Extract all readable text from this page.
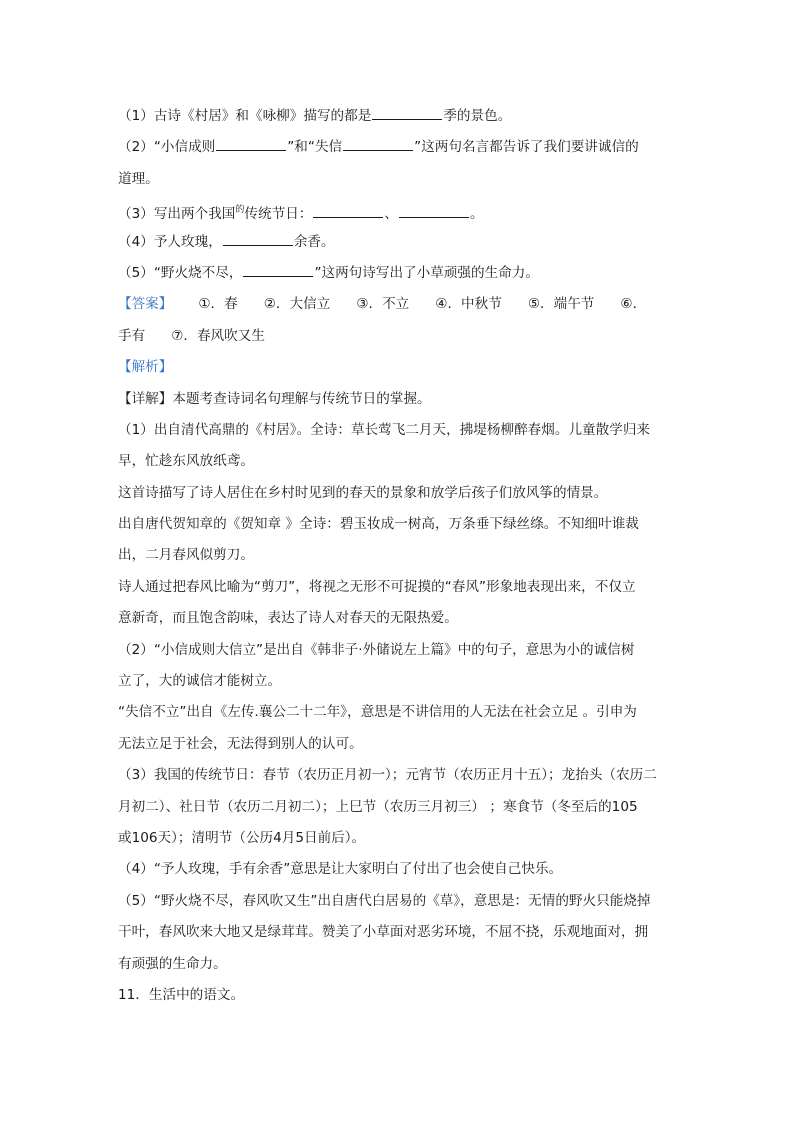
（1）古诗《村居》和《咏柳》描写的都是	季的景色。
（2）“小信成则	”和“失信	”这两句名言都告诉了我们要讲诚信的
道理。
（3）写出两个我国$^的$传统节日：	、	。
（4）予人玫瑰，	余香。
（5）“野火烧不尽，	”这两句诗写出了小草顽强的生命力。
【答案】 ①．春 ②．大信立 ③．不立 ④．中秋节 ⑤．端午节 ⑥．
手有 ⑦．春风吹又生
【解析】
【详解】本题考查诗词名句理解与传统节日的掌握。
（1）出自清代高鼎的《村居》。全诗：草长莺飞二月天，拂堤杨柳醉春烟。儿童散学归来
早，忙趁东风放纸鸢。
这首诗描写了诗人居住在乡村时见到的春天的景象和放学后孩子们放风筝的情景。
出自唐代贺知章的《贺知章 》全诗：碧玉妆成一树高，万条垂下绿丝绦。不知细叶谁裁
出，二月春风似剪刀。
诗人通过把春风比喻为“剪刀”，将视之无形不可捉摸的“春风”形象地表现出来，不仅立
意新奇，而且饱含韵味，表达了诗人对春天的无限热爱。
（2）“小信成则大信立”是出自《韩非子·外储说左上篇》中的句子，意思为小的诚信树
立了，大的诚信才能树立。
“失信不立”出自《左传.襄公二十二年》，意思是不讲信用的人无法在社会立足 。引申为
无法立足于社会，无法得到别人的认可。
（3）我国的传统节日：春节（农历正月初一）；元宵节（农历正月十五）；龙抬头（农历二
月初二）、社日节（农历二月初二）；上巳节（农历三月初三） ；寒食节（冬至后的105
或106天）；清明节（公历4月5日前后）。
（4）“予人玫瑰，手有余香”意思是让大家明白了付出了也会使自己快乐。
（5）“野火烧不尽，春风吹又生”出自唐代白居易的《草》，意思是：无情的野火只能烧掉
干叶，春风吹来大地又是绿茸茸。赞美了小草面对恶劣环境，不屈不挠，乐观地面对，拥
有顽强的生命力。
11．生活中的语文。
